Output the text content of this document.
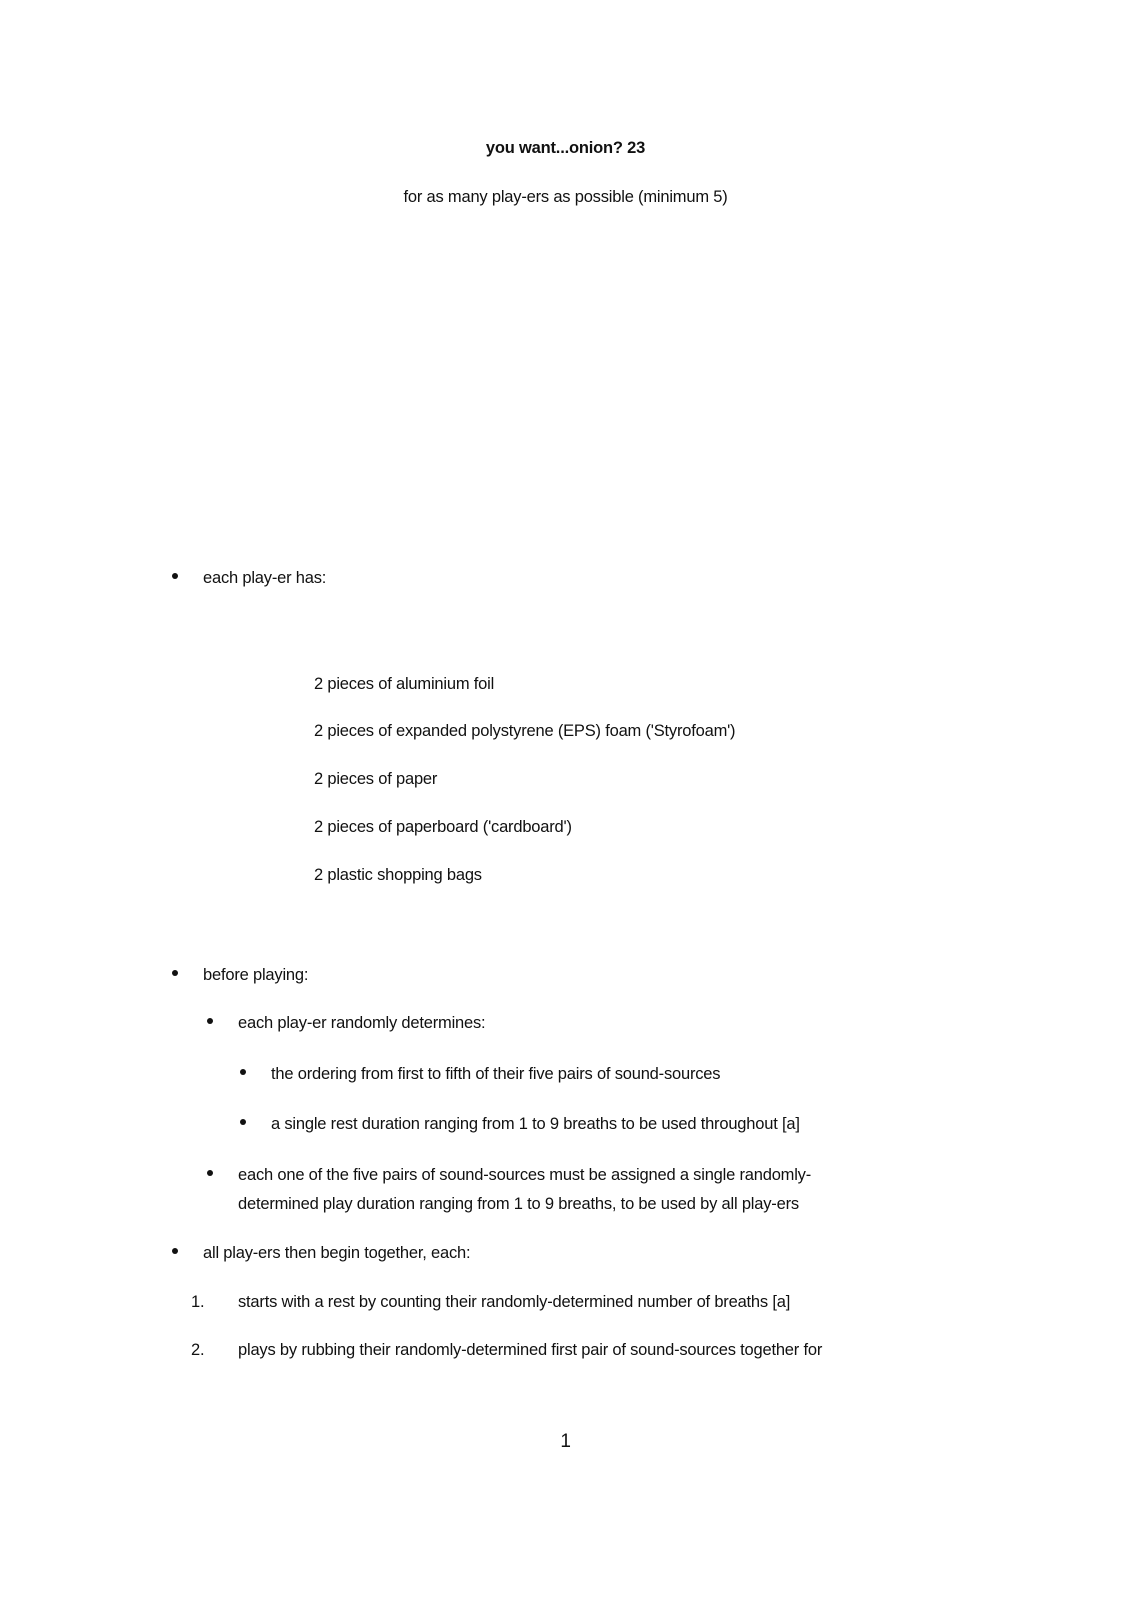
you want...onion? 23
for as many play-ers as possible (minimum 5)
each play-er has:
2 pieces of aluminium foil
2 pieces of expanded polystyrene (EPS) foam ('Styrofoam')
2 pieces of paper
2 pieces of paperboard ('cardboard')
2 plastic shopping bags
before playing:
each play-er randomly determines:
the ordering from first to fifth of their five pairs of sound-sources
a single rest duration ranging from 1 to 9 breaths to be used throughout [a]
each one of the five pairs of sound-sources must be assigned a single randomly-
determined play duration ranging from 1 to 9 breaths, to be used by all play-ers
all play-ers then begin together, each:
1. starts with a rest by counting their randomly-determined number of breaths [a]
2. plays by rubbing their randomly-determined first pair of sound-sources together for
1
